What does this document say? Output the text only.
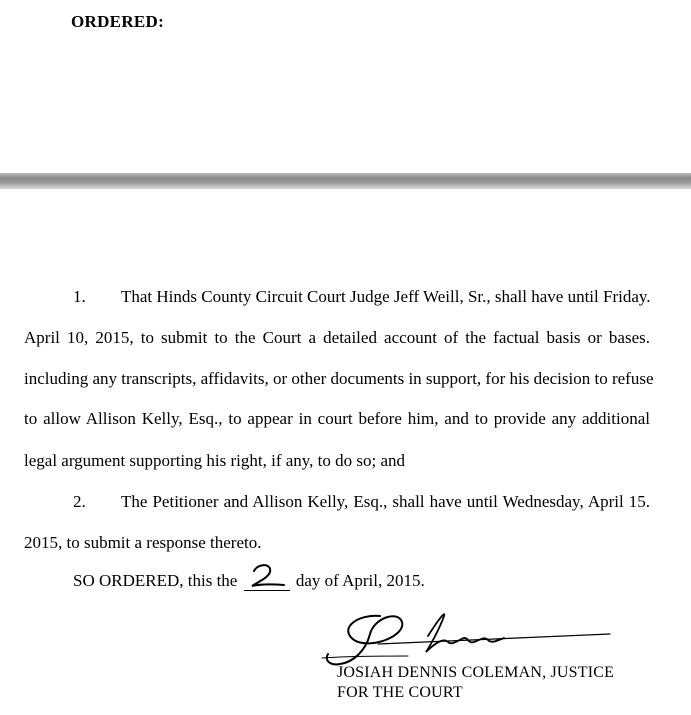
ORDERED:
1. That Hinds County Circuit Court Judge Jeff Weill, Sr., shall have until Friday.
April 10, 2015, to submit to the Court a detailed account of the factual basis or bases.
including any transcripts, affidavits, or other documents in support, for his decision to refuse
to allow Allison Kelly, Esq., to appear in court before him, and to provide any additional
legal argument supporting his right, if any, to do so; and
2. The Petitioner and Allison Kelly, Esq., shall have until Wednesday, April 15.
2015, to submit a response thereto.
SO ORDERED, this the	day of April, 2015.
JOSIAH DENNIS COLEMAN, JUSTICE
FOR THE COURT
